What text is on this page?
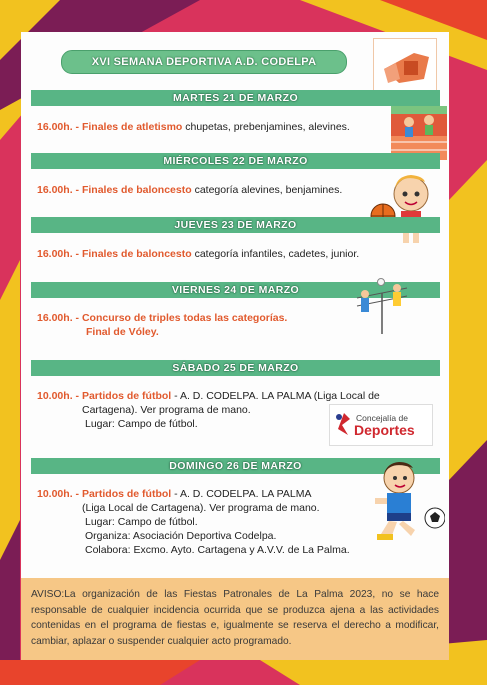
XVI SEMANA DEPORTIVA A.D. CODELPA
MARTES 21 DE MARZO
16.00h. - Finales de atletismo chupetas, prebenjamines, alevines.
MIÉRCOLES 22 DE MARZO
16.00h. - Finales de baloncesto categoría alevines, benjamines.
JUEVES 23 DE MARZO
16.00h. - Finales de baloncesto categoría infantiles, cadetes, junior.
VIERNES 24 DE MARZO
16.00h. - Concurso de triples todas las categorías.
Final de Vóley.
SÁBADO 25 DE MARZO
10.00h. - Partidos de fútbol - A. D. CODELPA. LA PALMA (Liga Local de
Cartagena). Ver programa de mano.
Lugar: Campo de fútbol.	Concejalía de
Deportes
DOMINGO 26 DE MARZO
10.00h. - Partidos de fútbol - A. D. CODELPA. LA PALMA
(Liga Local de Cartagena). Ver programa de mano.
Lugar: Campo de fútbol.
Organiza: Asociación Deportiva Codelpa.
Colabora: Excmo. Ayto. Cartagena y A.V.V. de La Palma.
AVISO:La organización de las Fiestas Patronales de La Palma 2023, no se hace responsable de cualquier incidencia ocurrida que se produzca ajena a las actividades contenidas en el programa de fiestas e, igualmente se reserva el derecho a modificar, cambiar, aplazar o suspender cualquier acto programado.
